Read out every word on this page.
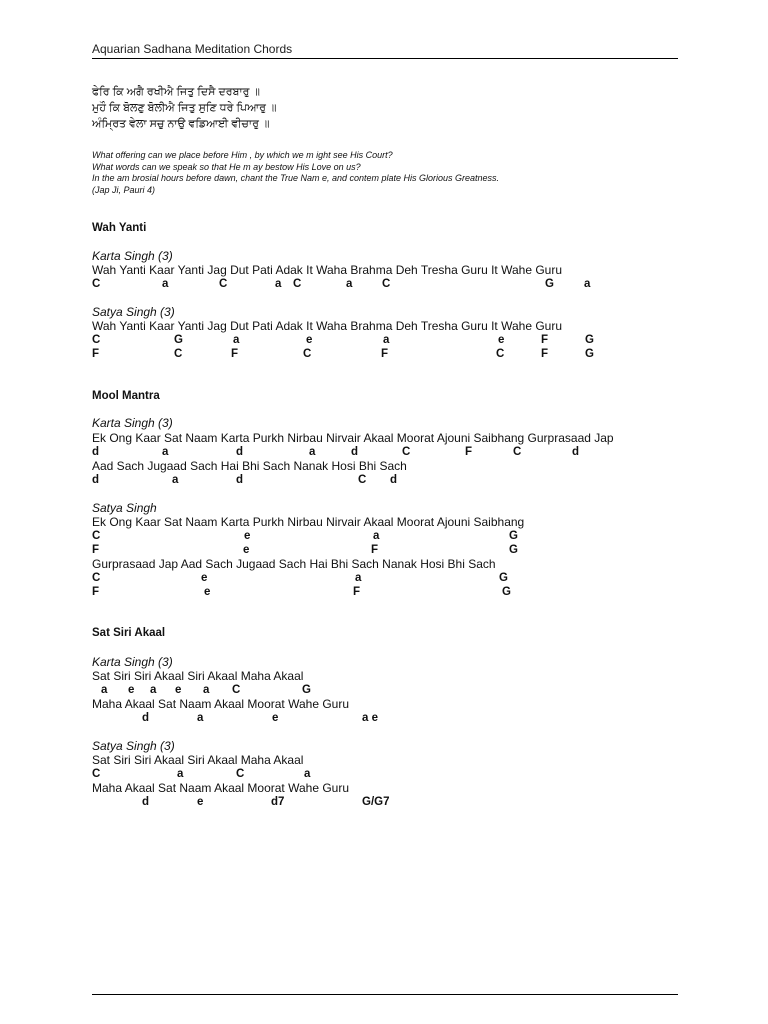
Aquarian Sadhana Meditation Chords
ਫੇਰਿ ਕਿ ਅਗੈ ਰਖੀਐ ਜਿਤੁ ਦਿਸੈ ਦਰਬਾਰੁ ॥
ਮੁਹੌ ਕਿ ਬੋਲਣੁ ਬੋਲੀਐ ਜਿਤੁ ਸੁਣਿ ਧਰੇ ਪਿਆਰੁ ॥
ਅੰਮ੍ਰਿਤ ਵੇਲਾ ਸਚੁ ਨਾਉ ਵਡਿਆਈ ਵੀਚਾਰੁ ॥
What offering can we place before Him , by which we m ight see His Court?
What words can we speak so that He m ay bestow His Love on us?
In the am brosial hours before dawn, chant the True Nam e, and contem plate His Glorious Greatness.
(Jap Ji, Pauri 4)
Wah Yanti
Karta Singh (3)
Wah Yanti Kaar Yanti Jag Dut Pati Adak It Waha Brahma Deh Tresha Guru It Wahe Guru
C	a	C	a C	a	C	G	a
Satya Singh (3)
Wah Yanti Kaar Yanti Jag Dut Pati Adak It Waha Brahma Deh Tresha Guru It Wahe Guru
C	G	a	e	a	e	F	G
F	C	F	C	F	C	F	G
Mool Mantra
Karta Singh (3)
Ek Ong Kaar Sat Naam Karta Purkh Nirbau Nirvair Akaal Moorat Ajouni Saibhang Gurprasaad Jap
d	a	d	a	d	C	F	C	d
Aad Sach Jugaad Sach Hai Bhi Sach Nanak Hosi Bhi Sach
d	a	d	C d
Satya Singh
Ek Ong Kaar Sat Naam Karta Purkh Nirbau Nirvair Akaal Moorat Ajouni Saibhang
C	e	a	G
F	e	F	G
Gurprasaad Jap Aad Sach Jugaad Sach Hai Bhi Sach Nanak Hosi Bhi Sach
C	e	a	G
F	e	F	G
Sat Siri Akaal
Karta Singh (3)
Sat Siri Siri Akaal Siri Akaal Maha Akaal
a e a e a C	G
Maha Akaal Sat Naam Akaal Moorat Wahe Guru
d	a	e	a e
Satya Singh (3)
Sat Siri Siri Akaal Siri Akaal Maha Akaal
C	a	C	a
Maha Akaal Sat Naam Akaal Moorat Wahe Guru
d	e	d7	G/G7
